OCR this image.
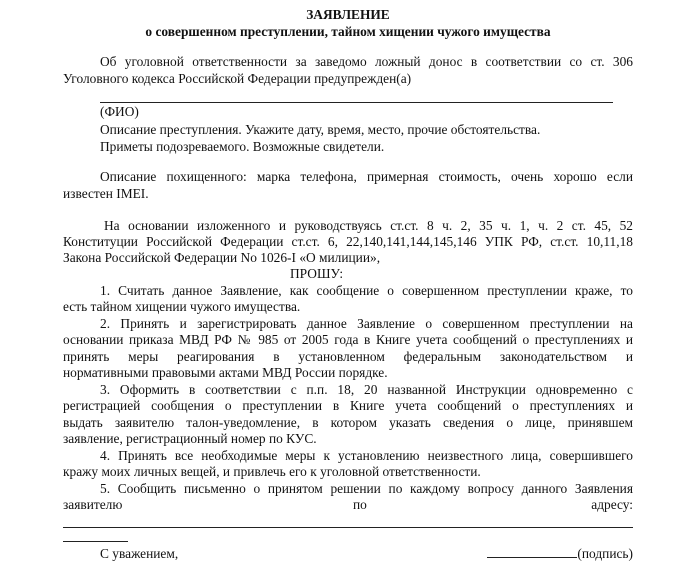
ЗАЯВЛЕНИЕ
о совершенном преступлении, тайном хищении чужого имущества
Об уголовной ответственности за заведомо ложный донос в соответствии со ст. 306
Уголовного кодекса Российской Федерации предупрежден(а)
(ФИО)
Описание преступления. Укажите дату, время, место, прочие обстоятельства.
Приметы подозреваемого. Возможные свидетели.
Описание похищенного: марка телефона, примерная стоимость, очень хорошо если
известен IMEI.
На основании изложенного и руководствуясь ст.ст. 8 ч. 2, 35 ч. 1, ч. 2 ст. 45, 52
Конституции Российской Федерации ст.ст. 6, 22,140,141,144,145,146 УПК РФ, ст.ст. 10,11,18
Закона Российской Федерации No 1026-I «О милиции»,
ПРОШУ:
1. Считать данное Заявление, как сообщение о совершенном преступлении краже, то
есть тайном хищении чужого имущества.
2. Принять и зарегистрировать данное Заявление о совершенном преступлении на
основании приказа МВД РФ № 985 от 2005 года в Книге учета сообщений о преступлениях и
принять меры реагирования в установленном федеральным законодательством и
нормативными правовыми актами МВД России порядке.
3. Оформить в соответствии с п.п. 18, 20 названной Инструкции одновременно с
регистрацией сообщения о преступлении в Книге учета сообщений о преступлениях и
выдать заявителю талон-уведомление, в котором указать сведения о лице, принявшем
заявление, регистрационный номер по КУС.
4. Принять все необходимые меры к установлению неизвестного лица, совершившего
кражу моих личных вещей, и привлечь его к уголовной ответственности.
5. Сообщить письменно о принятом решении по каждому вопросу данного Заявления
заявителю	по	адресу:
С уважением,	(подпись)
